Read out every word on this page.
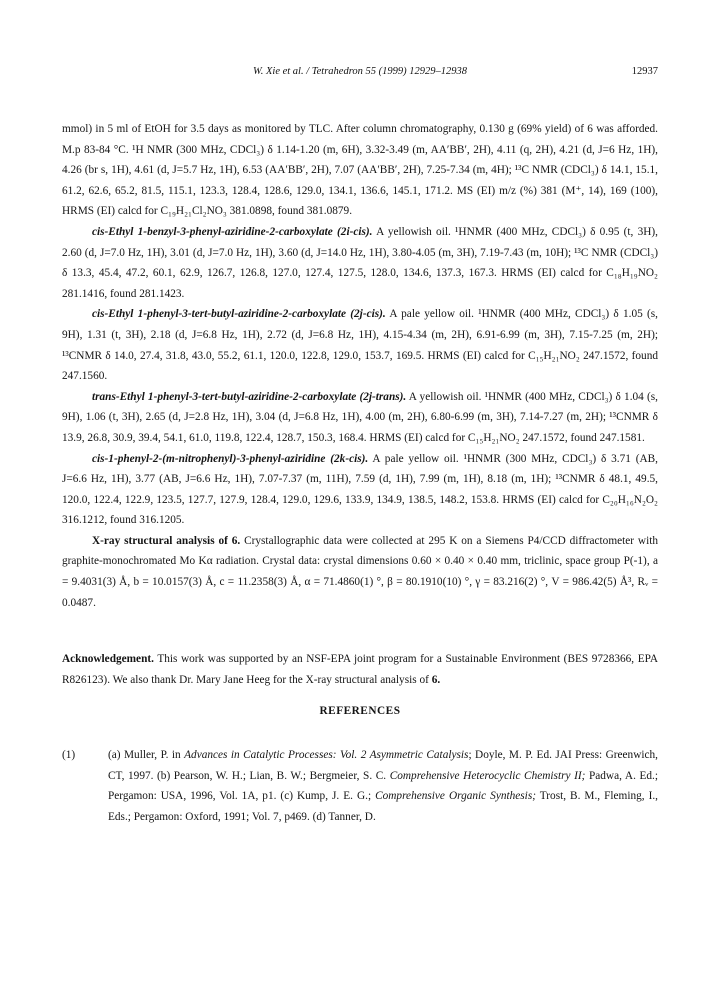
W. Xie et al. / Tetrahedron 55 (1999) 12929–12938	12937

mmol) in 5 ml of EtOH for 3.5 days as monitored by TLC. After column chromatography, 0.130 g (69% yield) of 6 was afforded. M.p 83-84 °C. ¹H NMR (300 MHz, CDCl₃) δ 1.14-1.20 (m, 6H), 3.32-3.49 (m, AA′BB′, 2H), 4.11 (q, 2H), 4.21 (d, J=6 Hz, 1H), 4.26 (br s, 1H), 4.61 (d, J=5.7 Hz, 1H), 6.53 (AA′BB′, 2H), 7.07 (AA′BB′, 2H), 7.25-7.34 (m, 4H); ¹³C NMR (CDCl₃) δ 14.1, 15.1, 61.2, 62.6, 65.2, 81.5, 115.1, 123.3, 128.4, 128.6, 129.0, 134.1, 136.6, 145.1, 171.2. MS (EI) m/z (%) 381 (M⁺, 14), 169 (100), HRMS (EI) calcd for C₁₉H₂₁Cl₂NO₃ 381.0898, found 381.0879.

cis-Ethyl 1-benzyl-3-phenyl-aziridine-2-carboxylate (2i-cis). A yellowish oil. ¹HNMR (400 MHz, CDCl₃) δ 0.95 (t, 3H), 2.60 (d, J=7.0 Hz, 1H), 3.01 (d, J=7.0 Hz, 1H), 3.60 (d, J=14.0 Hz, 1H), 3.80-4.05 (m, 3H), 7.19-7.43 (m, 10H); ¹³C NMR (CDCl₃) δ 13.3, 45.4, 47.2, 60.1, 62.9, 126.7, 126.8, 127.0, 127.4, 127.5, 128.0, 134.6, 137.3, 167.3. HRMS (EI) calcd for C₁₈H₁₉NO₂ 281.1416, found 281.1423.

cis-Ethyl 1-phenyl-3-tert-butyl-aziridine-2-carboxylate (2j-cis). A pale yellow oil. ¹HNMR (400 MHz, CDCl₃) δ 1.05 (s, 9H), 1.31 (t, 3H), 2.18 (d, J=6.8 Hz, 1H), 2.72 (d, J=6.8 Hz, 1H), 4.15-4.34 (m, 2H), 6.91-6.99 (m, 3H), 7.15-7.25 (m, 2H); ¹³CNMR δ 14.0, 27.4, 31.8, 43.0, 55.2, 61.1, 120.0, 122.8, 129.0, 153.7, 169.5. HRMS (EI) calcd for C₁₅H₂₁NO₂ 247.1572, found 247.1560.

trans-Ethyl 1-phenyl-3-tert-butyl-aziridine-2-carboxylate (2j-trans). A yellowish oil. ¹HNMR (400 MHz, CDCl₃) δ 1.04 (s, 9H), 1.06 (t, 3H), 2.65 (d, J=2.8 Hz, 1H), 3.04 (d, J=6.8 Hz, 1H), 4.00 (m, 2H), 6.80-6.99 (m, 3H), 7.14-7.27 (m, 2H); ¹³CNMR δ 13.9, 26.8, 30.9, 39.4, 54.1, 61.0, 119.8, 122.4, 128.7, 150.3, 168.4. HRMS (EI) calcd for C₁₅H₂₁NO₂ 247.1572, found 247.1581.

cis-1-phenyl-2-(m-nitrophenyl)-3-phenyl-aziridine (2k-cis). A pale yellow oil. ¹HNMR (300 MHz, CDCl₃) δ 3.71 (AB, J=6.6 Hz, 1H), 3.77 (AB, J=6.6 Hz, 1H), 7.07-7.37 (m, 11H), 7.59 (d, 1H), 7.99 (m, 1H), 8.18 (m, 1H); ¹³CNMR δ 48.1, 49.5, 120.0, 122.4, 122.9, 123.5, 127.7, 127.9, 128.4, 129.0, 129.6, 133.9, 134.9, 138.5, 148.2, 153.8. HRMS (EI) calcd for C₂₀H₁₆N₂O₂ 316.1212, found 316.1205.

X-ray structural analysis of 6. Crystallographic data were collected at 295 K on a Siemens P4/CCD diffractometer with graphite-monochromated Mo Kα radiation. Crystal data: crystal dimensions 0.60 × 0.40 × 0.40 mm, triclinic, space group P(-1), a = 9.4031(3) Å, b = 10.0157(3) Å, c = 11.2358(3) Å, α = 71.4860(1) °, β = 80.1910(10) °, γ = 83.216(2) °, V = 986.42(5) Å³, Rᵥ = 0.0487.

Acknowledgement. This work was supported by an NSF-EPA joint program for a Sustainable Environment (BES 9728366, EPA R826123). We also thank Dr. Mary Jane Heeg for the X-ray structural analysis of 6.
REFERENCES
(1)	(a) Muller, P. in Advances in Catalytic Processes: Vol. 2 Asymmetric Catalysis; Doyle, M. P. Ed. JAI Press: Greenwich, CT, 1997. (b) Pearson, W. H.; Lian, B. W.; Bergmeier, S. C. Comprehensive Heterocyclic Chemistry II; Padwa, A. Ed.; Pergamon: USA, 1996, Vol. 1A, p1. (c) Kump, J. E. G.; Comprehensive Organic Synthesis; Trost, B. M., Fleming, I., Eds.; Pergamon: Oxford, 1991; Vol. 7, p469. (d) Tanner, D.
